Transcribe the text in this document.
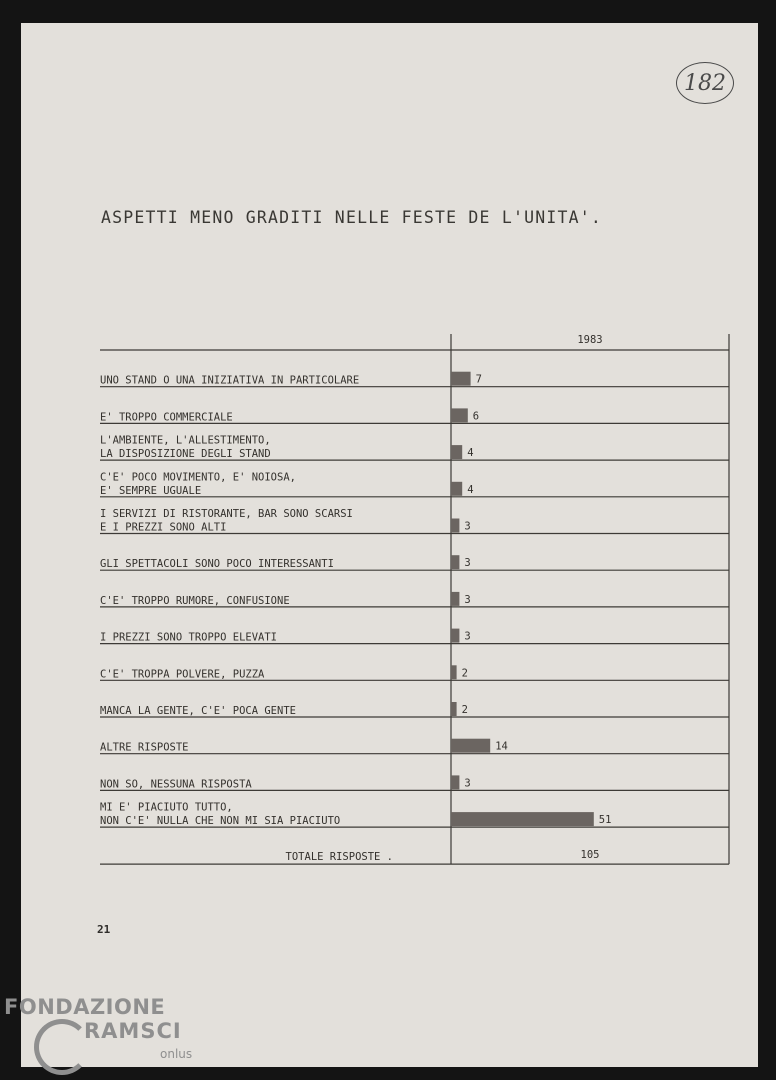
182
ASPETTI MENO GRADITI NELLE FESTE DE L'UNITA'.
1983
UNO STAND O UNA INIZIATIVA IN PARTICOLARE	7
E' TROPPO COMMERCIALE	6
L'AMBIENTE, L'ALLESTIMENTO,
LA DISPOSIZIONE DEGLI STAND	4
C'E' POCO MOVIMENTO, E' NOIOSA,
E' SEMPRE UGUALE	4
I SERVIZI DI RISTORANTE, BAR SONO SCARSI
E I PREZZI SONO ALTI	3
GLI SPETTACOLI SONO POCO INTERESSANTI	3
C'E' TROPPO RUMORE, CONFUSIONE	3
I PREZZI SONO TROPPO ELEVATI	3
C'E' TROPPA POLVERE, PUZZA	2
MANCA LA GENTE, C'E' POCA GENTE	2
ALTRE RISPOSTE	14
NON SO, NESSUNA RISPOSTA	3
MI E' PIACIUTO TUTTO,
NON C'E' NULLA CHE NON MI SIA PIACIUTO	51
TOTALE RISPOSTE .	105
21
FONDAZIONE
RAMSCI
onlus
